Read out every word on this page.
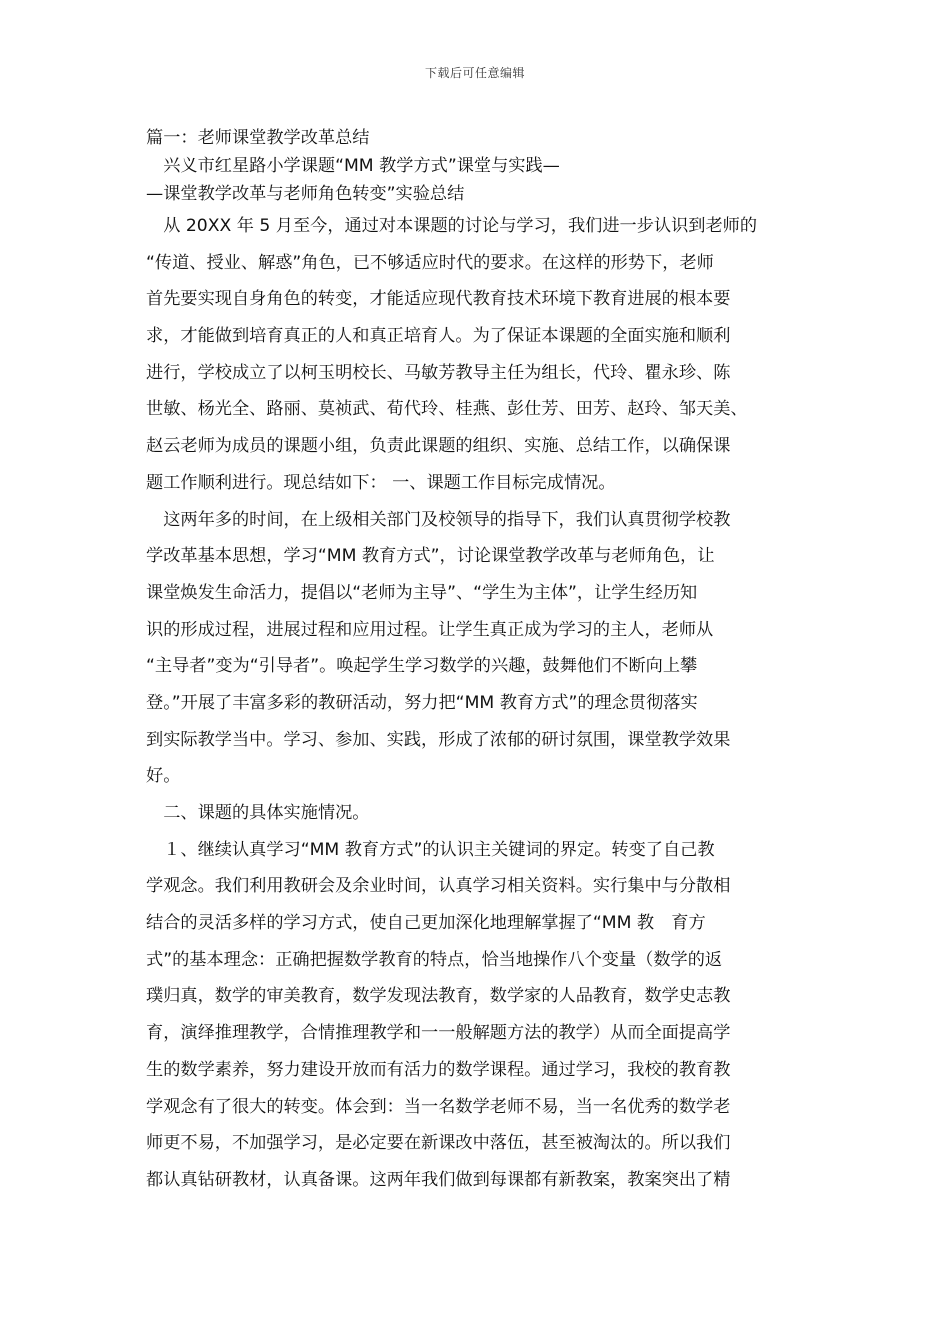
下载后可任意编辑
篇一：老师课堂教学改革总结
　兴义市红星路小学课题“MM 教学方式”课堂与实践—
—课堂教学改革与老师角色转变”实验总结
　从 20XX 年 5 月至今，通过对本课题的讨论与学习，我们进一步认识到老师的
“传道、授业、解惑”角色，已不够适应时代的要求。在这样的形势下，老师
首先要实现自身角色的转变，才能适应现代教育技术环境下教育进展的根本要
求，才能做到培育真正的人和真正培育人。为了保证本课题的全面实施和顺利
进行，学校成立了以柯玉明校长、马敏芳教导主任为组长，代玲、瞿永珍、陈
世敏、杨光全、路丽、莫祯武、荀代玲、桂燕、彭仕芳、田芳、赵玲、邹天美、
赵云老师为成员的课题小组，负责此课题的组织、实施、总结工作，以确保课
题工作顺利进行。现总结如下： 一、课题工作目标完成情况。
　这两年多的时间，在上级相关部门及校领导的指导下，我们认真贯彻学校教
学改革基本思想，学习“MM 教育方式”，讨论课堂教学改革与老师角色，让
课堂焕发生命活力，提倡以“老师为主导”、“学生为主体”，让学生经历知
识的形成过程，进展过程和应用过程。让学生真正成为学习的主人，老师从
“主导者”变为“引导者”。唤起学生学习数学的兴趣，鼓舞他们不断向上攀
登。”开展了丰富多彩的教研活动，努力把“MM 教育方式”的理念贯彻落实
到实际教学当中。学习、参加、实践，形成了浓郁的研讨氛围，课堂教学效果
好。
　二、课题的具体实施情况。
　１、继续认真学习“MM 教育方式”的认识主关键词的界定。转变了自己教
学观念。我们利用教研会及余业时间，认真学习相关资料。实行集中与分散相
结合的灵活多样的学习方式，使自己更加深化地理解掌握了“MM 教　育方
式”的基本理念：正确把握数学教育的特点，恰当地操作八个变量（数学的返
璞归真，数学的审美教育，数学发现法教育，数学家的人品教育，数学史志教
育，演绎推理教学，合情推理教学和一一般解题方法的教学）从而全面提高学
生的数学素养，努力建设开放而有活力的数学课程。通过学习，我校的教育教
学观念有了很大的转变。体会到：当一名数学老师不易，当一名优秀的数学老
师更不易，不加强学习，是必定要在新课改中落伍，甚至被淘汰的。所以我们
都认真钻研教材，认真备课。这两年我们做到每课都有新教案，教案突出了精
